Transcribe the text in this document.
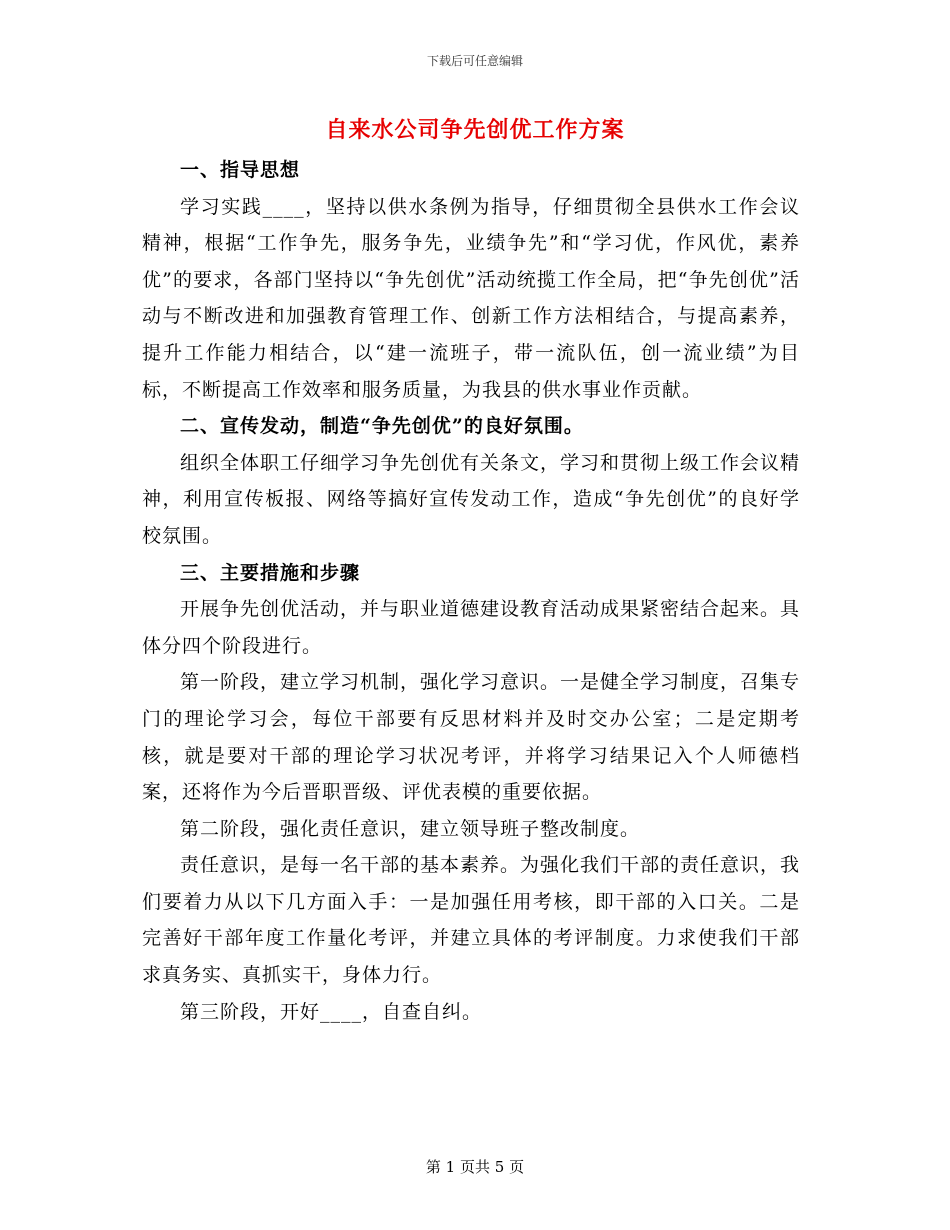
下载后可任意编辑
自来水公司争先创优工作方案

一、指导思想

学习实践____，坚持以供水条例为指导，仔细贯彻全县供水工作会议精神，根据“工作争先，服务争先，业绩争先”和“学习优，作风优，素养优”的要求，各部门坚持以“争先创优”活动统揽工作全局，把“争先创优”活动与不断改进和加强教育管理工作、创新工作方法相结合，与提高素养，提升工作能力相结合，以“建一流班子，带一流队伍，创一流业绩”为目标，不断提高工作效率和服务质量，为我县的供水事业作贡献。

二、宣传发动，制造“争先创优”的良好氛围。

组织全体职工仔细学习争先创优有关条文，学习和贯彻上级工作会议精神，利用宣传板报、网络等搞好宣传发动工作，造成“争先创优”的良好学校氛围。

三、主要措施和步骤

开展争先创优活动，并与职业道德建设教育活动成果紧密结合起来。具体分四个阶段进行。

第一阶段，建立学习机制，强化学习意识。一是健全学习制度，召集专门的理论学习会，每位干部要有反思材料并及时交办公室；二是定期考核，就是要对干部的理论学习状况考评，并将学习结果记入个人师德档案，还将作为今后晋职晋级、评优表模的重要依据。

第二阶段，强化责任意识，建立领导班子整改制度。

责任意识，是每一名干部的基本素养。为强化我们干部的责任意识，我们要着力从以下几方面入手：一是加强任用考核，即干部的入口关。二是完善好干部年度工作量化考评，并建立具体的考评制度。力求使我们干部求真务实、真抓实干，身体力行。

第三阶段，开好____，自查自纠。

第 1 页共 5 页
